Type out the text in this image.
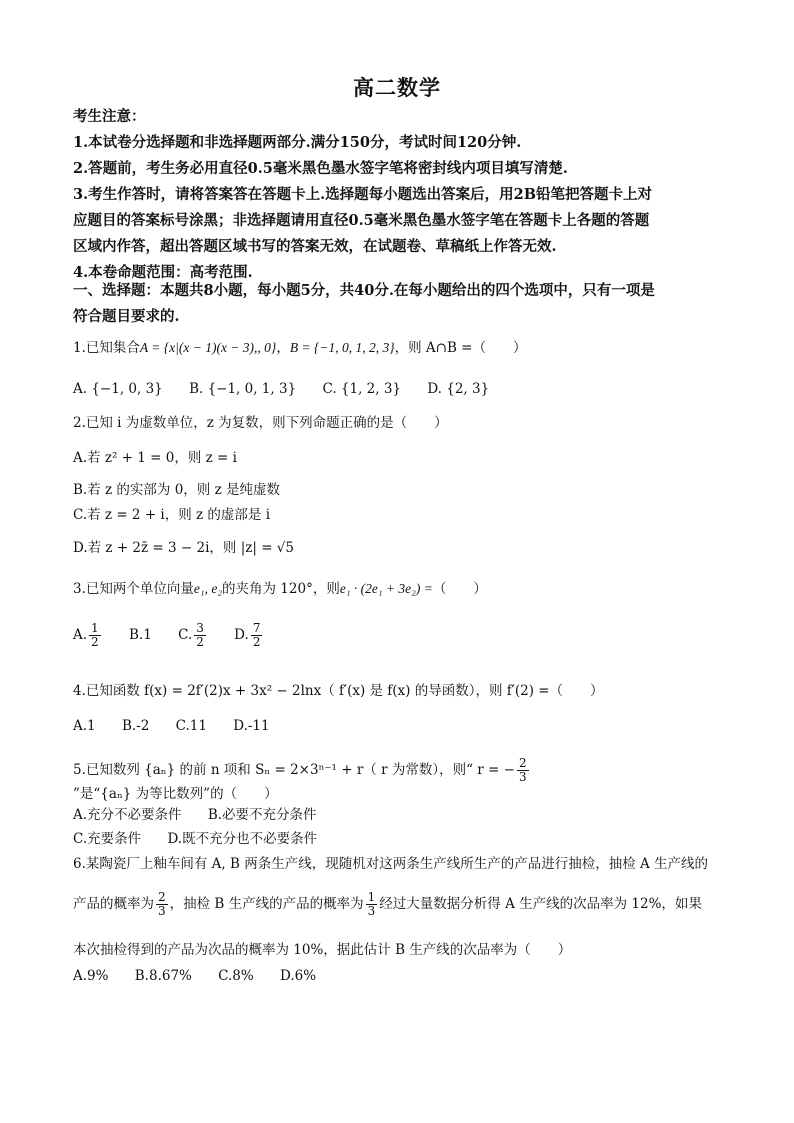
高二数学

考生注意：

1.本试卷分选择题和非选择题两部分.满分150分，考试时间120分钟.

2.答题前，考生务必用直径0.5毫米黑色墨水签字笔将密封线内项目填写清楚.

3.考生作答时，请将答案答在答题卡上.选择题每小题选出答案后，用2B铅笔把答题卡上对

应题目的答案标号涂黑；非选择题请用直径0.5毫米黑色墨水签字笔在答题卡上各题的答题

区域内作答，超出答题区域书写的答案无效，在试题卷、草稿纸上作答无效.

4.本卷命题范围：高考范围.

一、选择题：本题共8小题，每小题5分，共40分.在每小题给出的四个选项中，只有一项是
符合题目要求的.
1.已知集合A = {x|(x − 1)(x − 3),, 0}，B = {−1, 0, 1, 2, 3}，则 A∩B =（　　）
A. {−1, 0, 3} B. {−1, 0, 1, 3} C. {1, 2, 3} D. {2, 3}
2.已知 i 为虚数单位，z 为复数，则下列命题正确的是（　　）
A.若 z² + 1 = 0，则 z = i
B.若 z 的实部为 0，则 z 是纯虚数
C.若 z = 2 + i，则 z 的虚部是 i
D.若 z + 2z̄ = 3 − 2i，则 |z| = √5
3.已知两个单位向量e₁, e₂的夹角为 120°，则e₁ · (2e₁ + 3e₂) =（　　）
A. $\frac{1}{2} B.1$ C. $\frac{3}{2} D$. $\frac{7}{2}$
4.已知函数 f(x) = 2f′(2)x + 3x² − 2lnx（ f′(x) 是 f(x) 的导函数），则 f′(2) =（　　）
A.1 B.-2 C.11 D.-11
5.已知数列 {aₙ} 的前 n 项和 Sₙ = 2×3ⁿ⁻¹ + r（ r 为常数），则“ r = − $\frac{2}{3}$
”是“{aₙ} 为等比数列”的（　　）
A.充分不必要条件 B.必要不充分条件
C.充要条件 D.既不充分也不必要条件
6.某陶瓷厂上釉车间有 A, B 两条生产线，现随机对这两条生产线所生产的产品进行抽检，抽检 A 生产线的
产品的概率为 $\frac{2}{3}$ ，抽检 B 生产线的产品的概率为 $\frac{1}{3}$ 经过大量数据分析得 A 生产线的次品率为 12%，如果
本次抽检得到的产品为次品的概率为 10%，据此估计 B 生产线的次品率为（　　）
A.9% B.8.67% C.8% D.6%
